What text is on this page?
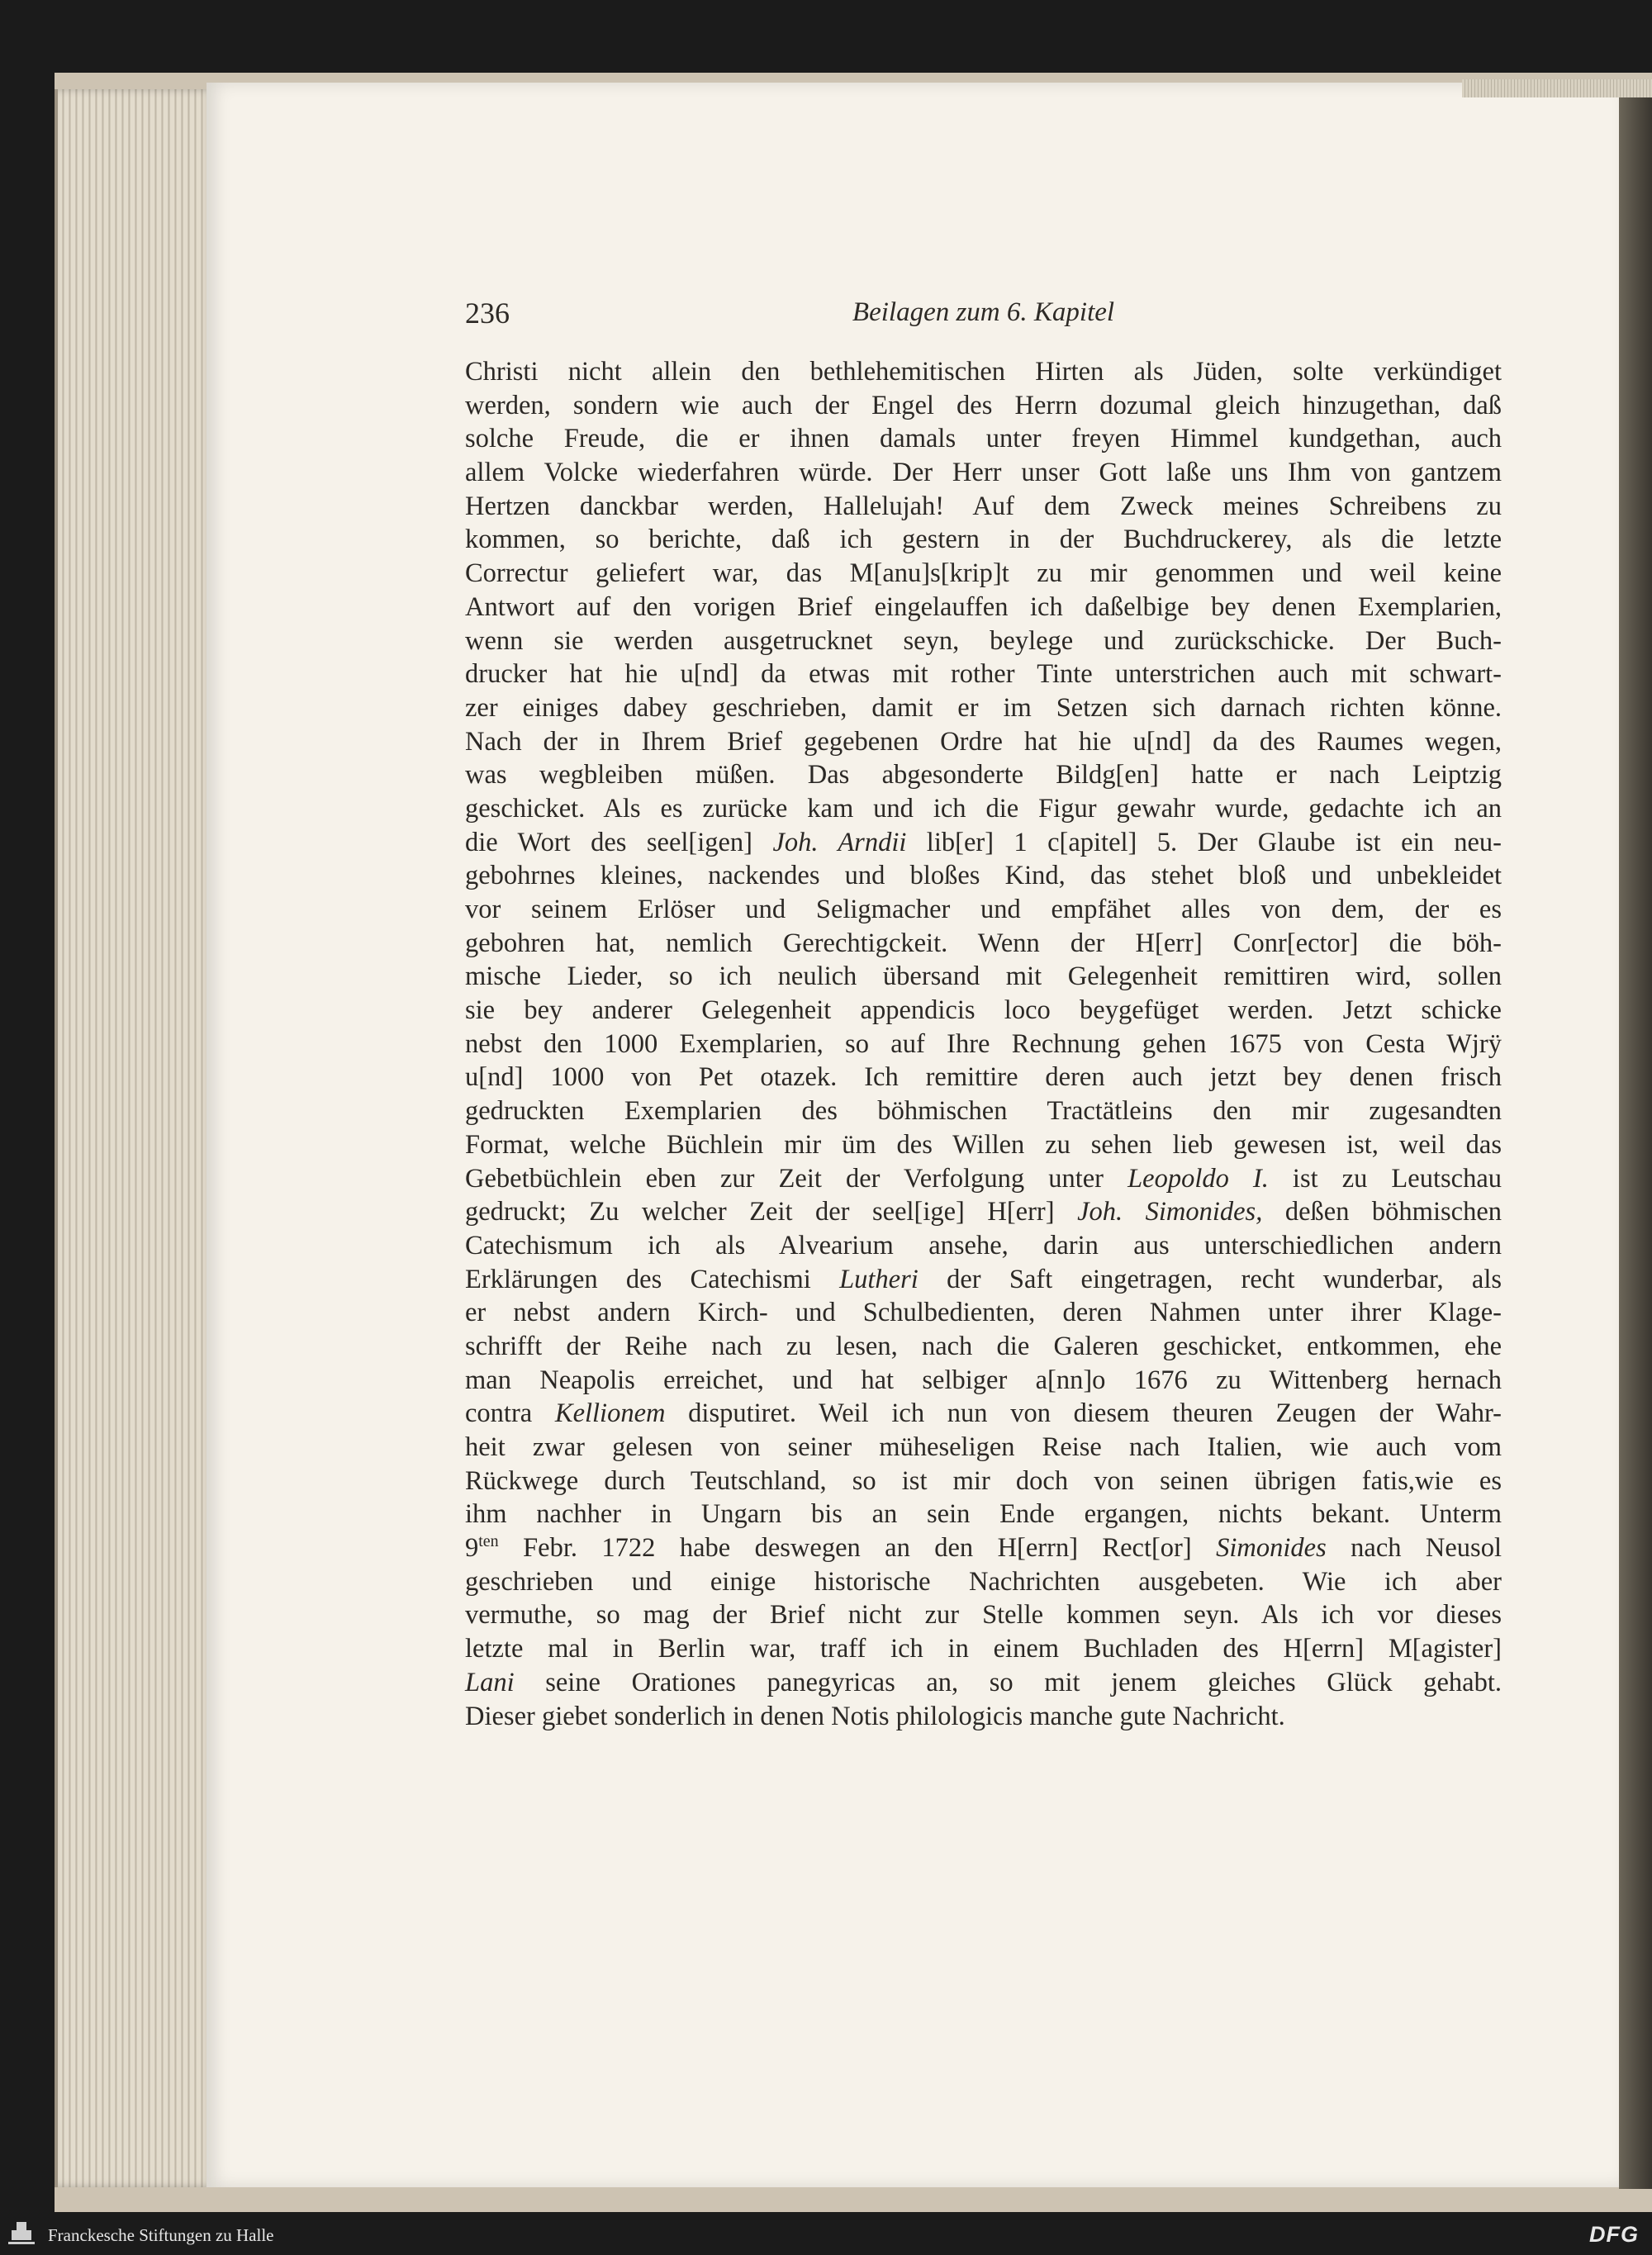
236	Beilagen zum 6. Kapitel
Christi nicht allein den bethlehemitischen Hirten als Jüden, solte verkündiget
werden, sondern wie auch der Engel des Herrn dozumal gleich hinzugethan, daß
solche Freude, die er ihnen damals unter freyen Himmel kundgethan, auch
allem Volcke wiederfahren würde. Der Herr unser Gott laße uns Ihm von gantzem
Hertzen danckbar werden, Hallelujah! Auf dem Zweck meines Schreibens zu
kommen, so berichte, daß ich gestern in der Buchdruckerey, als die letzte
Correctur geliefert war, das M[anu]s[krip]t zu mir genommen und weil keine
Antwort auf den vorigen Brief eingelauffen ich daßelbige bey denen Exemplarien,
wenn sie werden ausgetrucknet seyn, beylege und zurückschicke. Der Buch-
drucker hat hie u[nd] da etwas mit rother Tinte unterstrichen auch mit schwart-
zer einiges dabey geschrieben, damit er im Setzen sich darnach richten könne.
Nach der in Ihrem Brief gegebenen Ordre hat hie u[nd] da des Raumes wegen,
was wegbleiben müßen. Das abgesonderte Bildg[en] hatte er nach Leiptzig
geschicket. Als es zurücke kam und ich die Figur gewahr wurde, gedachte ich an
die Wort des seel[igen] Joh. Arndii lib[er] 1 c[apitel] 5. Der Glaube ist ein neu-
gebohrnes kleines, nackendes und bloßes Kind, das stehet bloß und unbekleidet
vor seinem Erlöser und Seligmacher und empfähet alles von dem, der es
gebohren hat, nemlich Gerechtigckeit. Wenn der H[err] Conr[ector] die böh-
mische Lieder, so ich neulich übersand mit Gelegenheit remittiren wird, sollen
sie bey anderer Gelegenheit appendicis loco beygefüget werden. Jetzt schicke
nebst den 1000 Exemplarien, so auf Ihre Rechnung gehen 1675 von Cesta Wjrÿ
u[nd] 1000 von Pet otazek. Ich remittire deren auch jetzt bey denen frisch
gedruckten Exemplarien des böhmischen Tractätleins den mir zugesandten
Format, welche Büchlein mir üm des Willen zu sehen lieb gewesen ist, weil das
Gebetbüchlein eben zur Zeit der Verfolgung unter Leopoldo I. ist zu Leutschau
gedruckt; Zu welcher Zeit der seel[ige] H[err] Joh. Simonides, deßen böhmischen
Catechismum ich als Alvearium ansehe, darin aus unterschiedlichen andern
Erklärungen des Catechismi Lutheri der Saft eingetragen, recht wunderbar, als
er nebst andern Kirch- und Schulbedienten, deren Nahmen unter ihrer Klage-
schrifft der Reihe nach zu lesen, nach die Galeren geschicket, entkommen, ehe
man Neapolis erreichet, und hat selbiger a[nn]o 1676 zu Wittenberg hernach
contra Kellionem disputiret. Weil ich nun von diesem theuren Zeugen der Wahr-
heit zwar gelesen von seiner müheseligen Reise nach Italien, wie auch vom
Rückwege durch Teutschland, so ist mir doch von seinen übrigen fatis,wie es
ihm nachher in Ungarn bis an sein Ende ergangen, nichts bekant. Unterm
$9^{ten}$ Febr. 1722 habe deswegen an den H[errn] Rect[or] Simonides nach Neusol
geschrieben und einige historische Nachrichten ausgebeten. Wie ich aber
vermuthe, so mag der Brief nicht zur Stelle kommen seyn. Als ich vor dieses
letzte mal in Berlin war, traff ich in einem Buchladen des H[errn] M[agister]
Lani seine Orationes panegyricas an, so mit jenem gleiches Glück gehabt.
Dieser giebet sonderlich in denen Notis philologicis manche gute Nachricht.
Franckesche Stiftungen zu Halle	DFG
